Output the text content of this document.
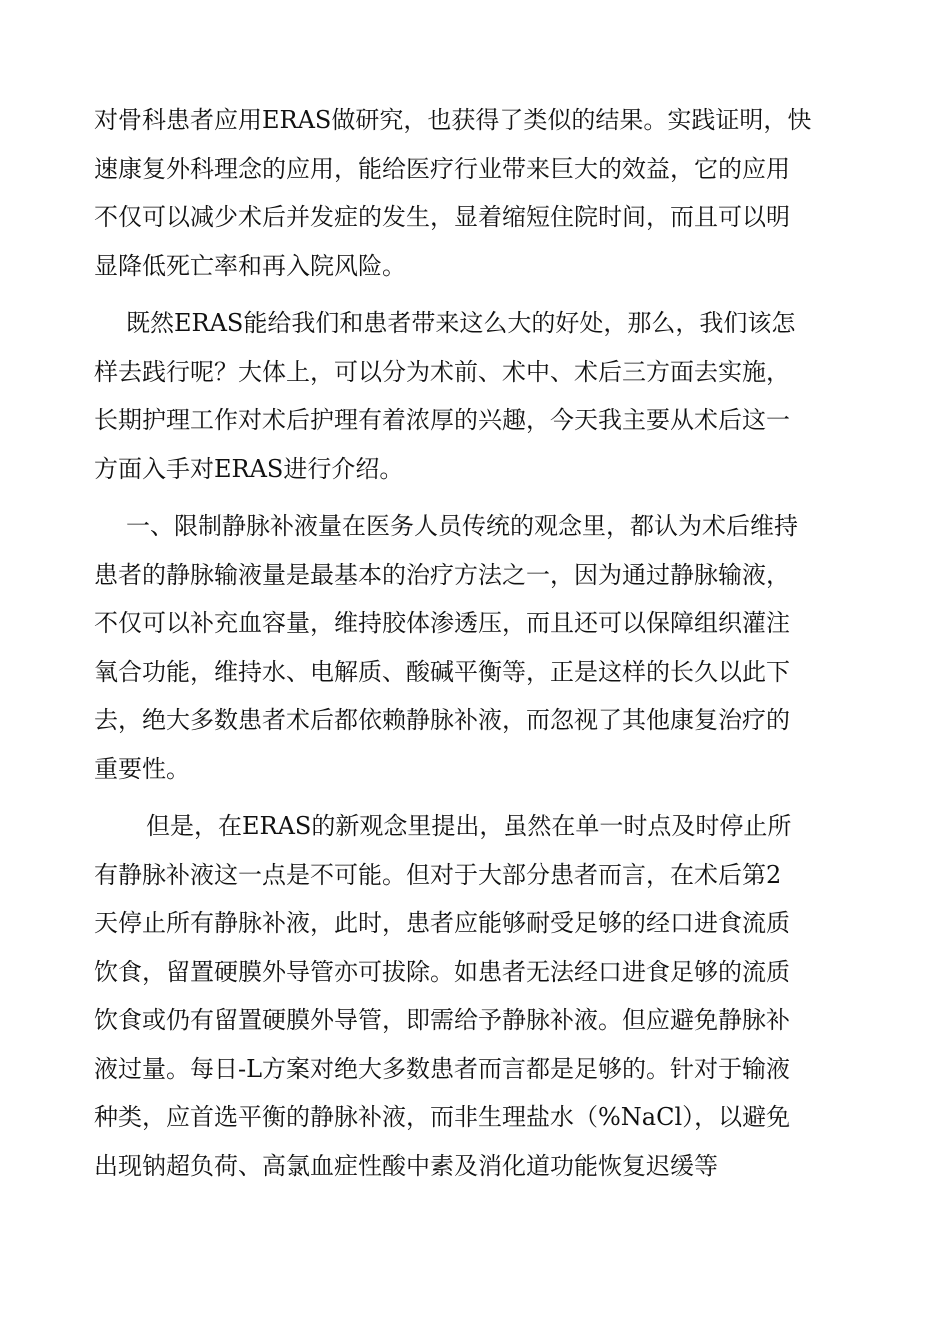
对骨科患者应用ERAS做研究，也获得了类似的结果。实践证明，快
速康复外科理念的应用，能给医疗行业带来巨大的效益，它的应用
不仅可以减少术后并发症的发生，显着缩短住院时间，而且可以明
显降低死亡率和再入院风险。
既然ERAS能给我们和患者带来这么大的好处，那么，我们该怎
样去践行呢？大体上，可以分为术前、术中、术后三方面去实施，
长期护理工作对术后护理有着浓厚的兴趣，今天我主要从术后这一
方面入手对ERAS进行介绍。
一、限制静脉补液量在医务人员传统的观念里，都认为术后维持
患者的静脉输液量是最基本的治疗方法之一，因为通过静脉输液，
不仅可以补充血容量，维持胶体渗透压，而且还可以保障组织灌注
氧合功能，维持水、电解质、酸碱平衡等，正是这样的长久以此下
去，绝大多数患者术后都依赖静脉补液，而忽视了其他康复治疗的
重要性。
但是，在ERAS的新观念里提出，虽然在单一时点及时停止所
有静脉补液这一点是不可能。但对于大部分患者而言，在术后第2
天停止所有静脉补液，此时，患者应能够耐受足够的经口进食流质
饮食，留置硬膜外导管亦可拔除。如患者无法经口进食足够的流质
饮食或仍有留置硬膜外导管，即需给予静脉补液。但应避免静脉补
液过量。每日-L方案对绝大多数患者而言都是足够的。针对于输液
种类，应首选平衡的静脉补液，而非生理盐水（%NaCl），以避免
出现钠超负荷、高氯血症性酸中素及消化道功能恢复迟缓等
